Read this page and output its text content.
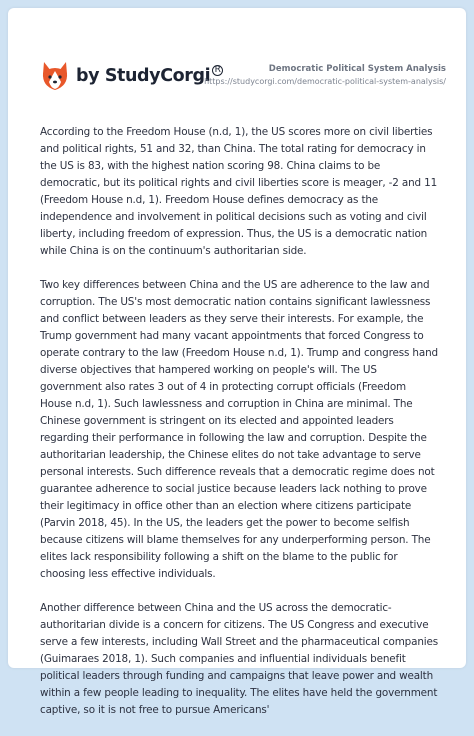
by StudyCorgi R	Democratic Political System Analysis
https://studycorgi.com/democratic-political-system-analysis/

According to the Freedom House (n.d, 1), the US scores more on civil liberties and political rights, 51 and 32, than China. The total rating for democracy in the US is 83, with the highest nation scoring 98. China claims to be democratic, but its political rights and civil liberties score is meager, -2 and 11 (Freedom House n.d, 1). Freedom House defines democracy as the independence and involvement in political decisions such as voting and civil liberty, including freedom of expression. Thus, the US is a democratic nation while China is on the continuum's authoritarian side.

Two key differences between China and the US are adherence to the law and corruption. The US's most democratic nation contains significant lawlessness and conflict between leaders as they serve their interests. For example, the Trump government had many vacant appointments that forced Congress to operate contrary to the law (Freedom House n.d, 1). Trump and congress hand diverse objectives that hampered working on people's will. The US government also rates 3 out of 4 in protecting corrupt officials (Freedom House n.d, 1). Such lawlessness and corruption in China are minimal. The Chinese government is stringent on its elected and appointed leaders regarding their performance in following the law and corruption. Despite the authoritarian leadership, the Chinese elites do not take advantage to serve personal interests. Such difference reveals that a democratic regime does not guarantee adherence to social justice because leaders lack nothing to prove their legitimacy in office other than an election where citizens participate (Parvin 2018, 45). In the US, the leaders get the power to become selfish because citizens will blame themselves for any underperforming person. The elites lack responsibility following a shift on the blame to the public for choosing less effective individuals.

Another difference between China and the US across the democratic-authoritarian divide is a concern for citizens. The US Congress and executive serve a few interests, including Wall Street and the pharmaceutical companies (Guimaraes 2018, 1). Such companies and influential individuals benefit political leaders through funding and campaigns that leave power and wealth within a few people leading to inequality. The elites have held the government captive, so it is not free to pursue Americans'
